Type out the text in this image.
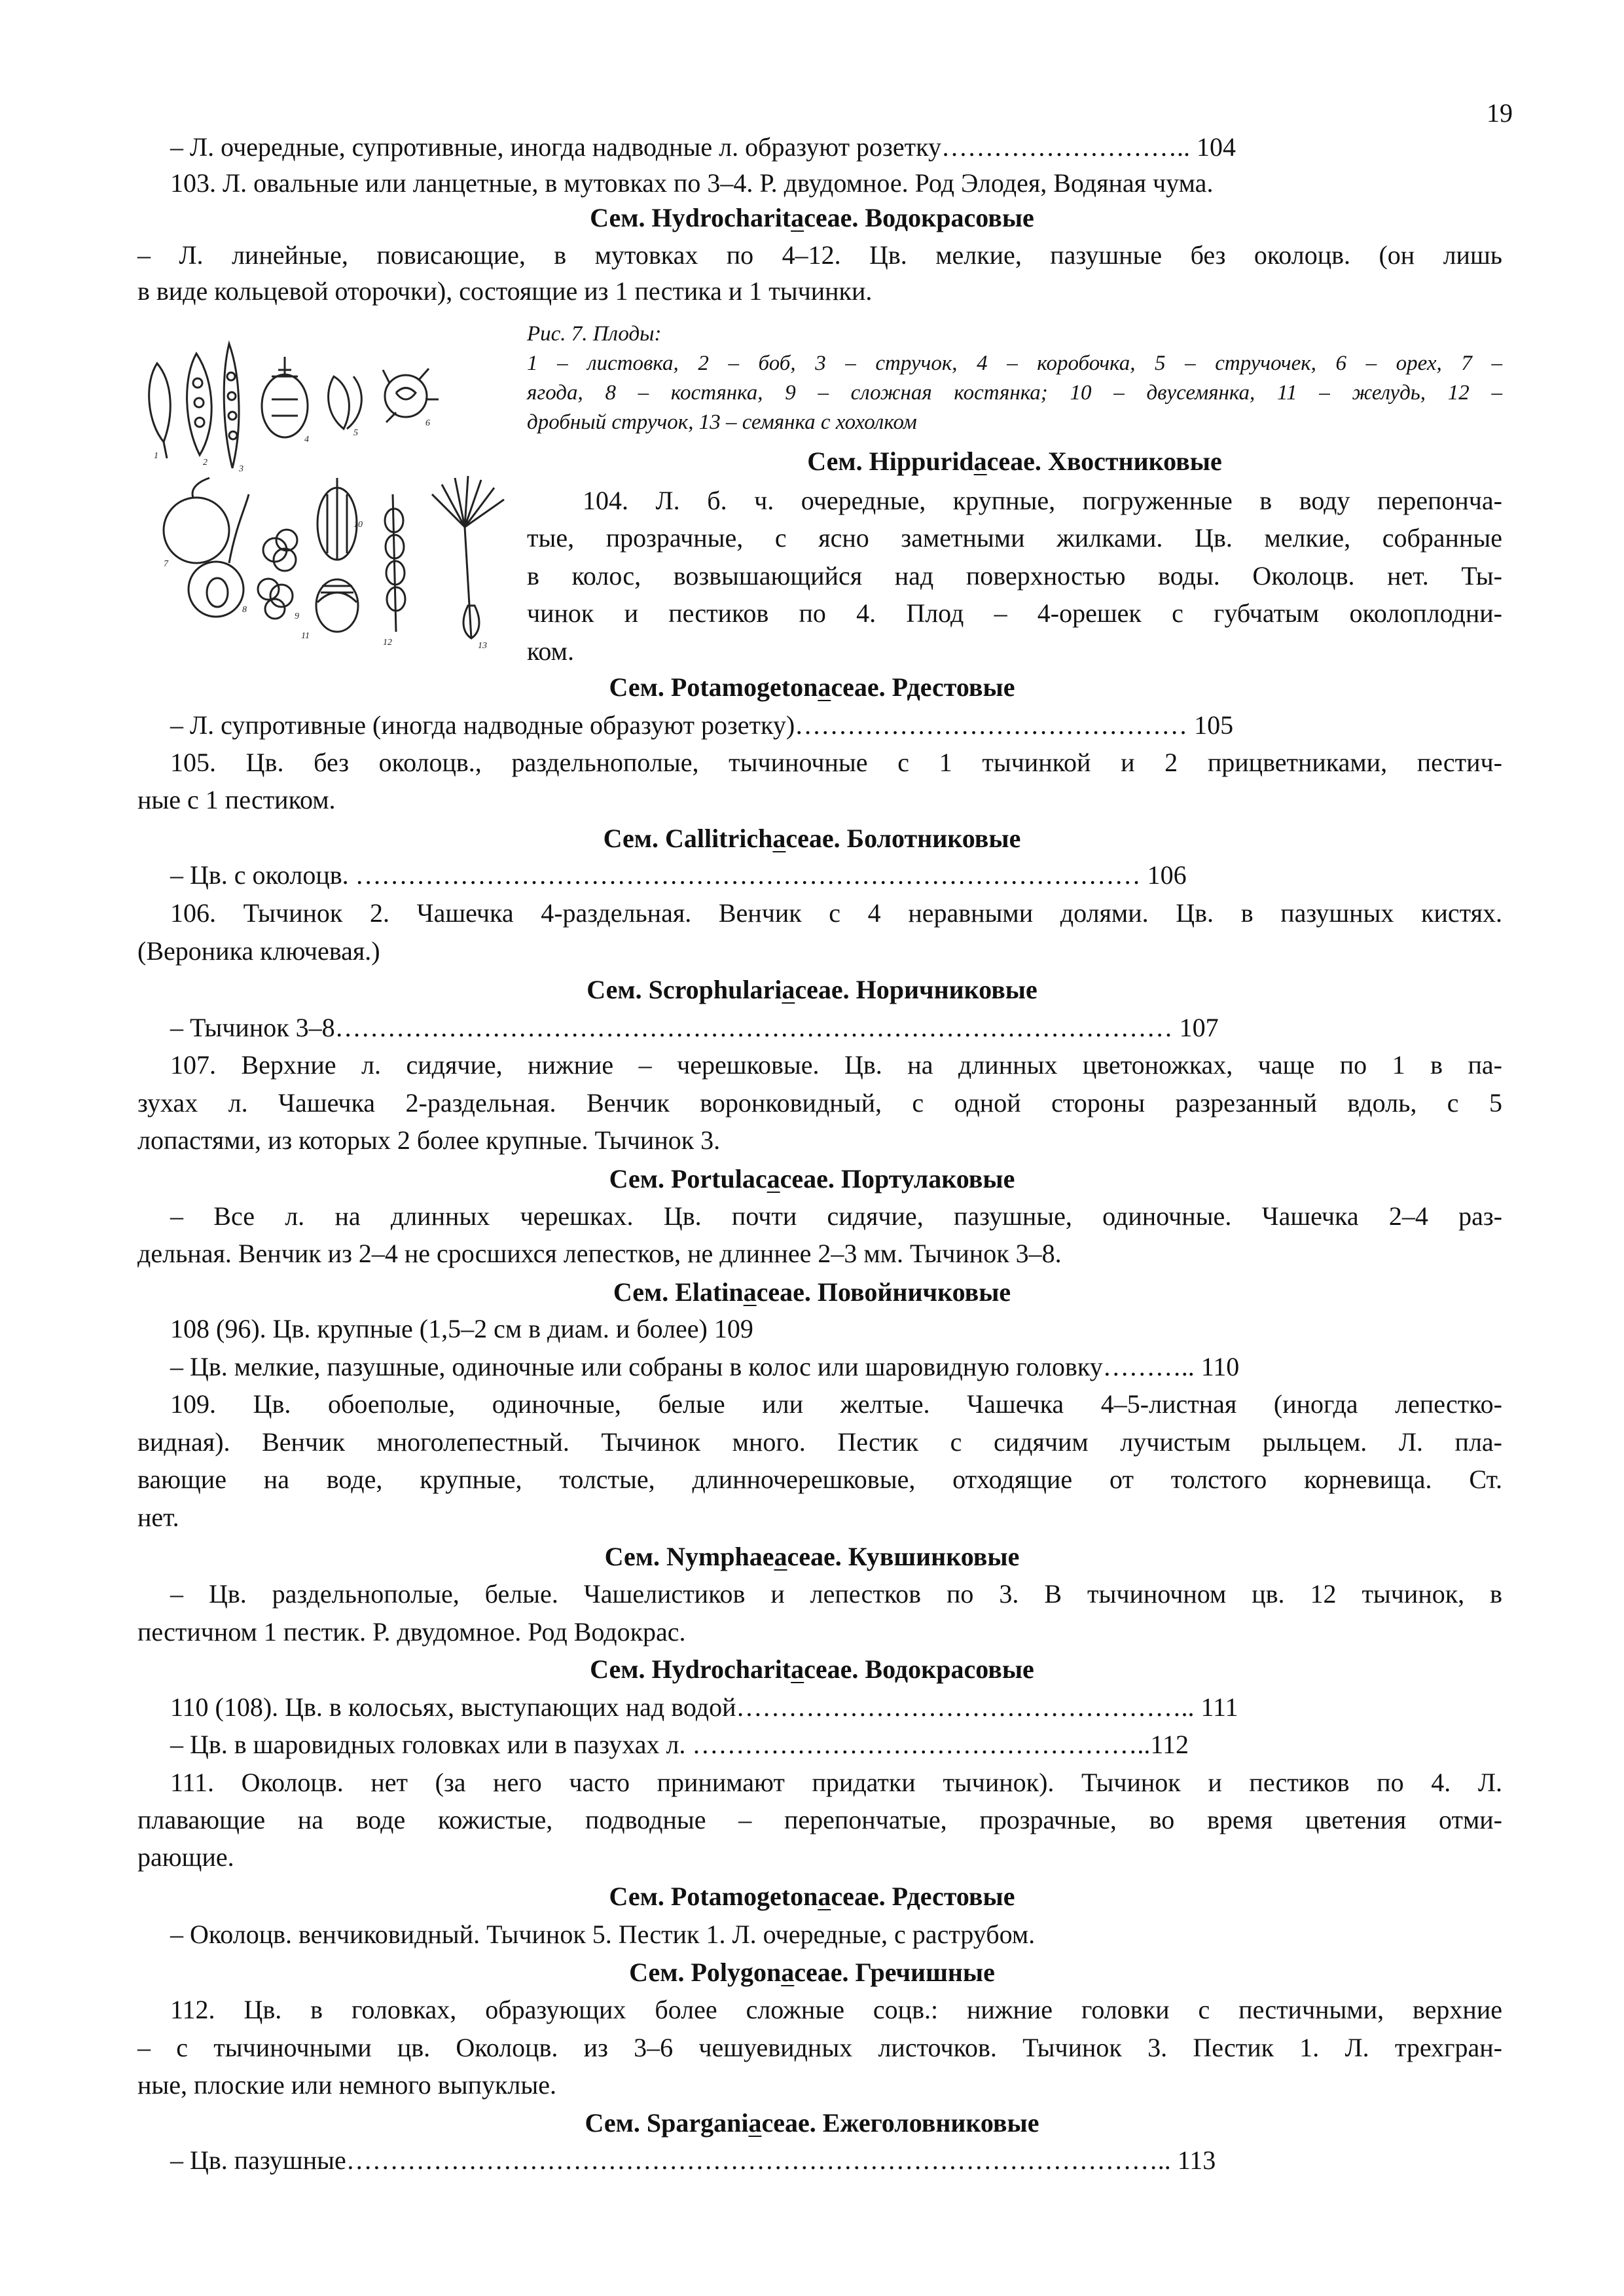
19
– Л. очередные, супротивные, иногда надводные л. образуют розетку……………………….. 104
103. Л. овальные или ланцетные, в мутовках по 3–4. Р. двудомное. Род Элодея, Водяная чума.
Сем. Hydrocharitaceae. Водокрасовые
– Л. линейные, повисающие, в мутовках по 4–12. Цв. мелкие, пазушные без околоцв. (он лишь
в виде кольцевой оторочки), состоящие из 1 пестика и 1 тычинки.
1
2
3
4
5
6
7
8
9
10
11
12	13
Рис. 7. Плоды:
1 – листовка, 2 – боб, 3 – стручок, 4 – коробочка, 5 – стручочек, 6 – орех, 7 –
ягода, 8 – костянка, 9 – сложная костянка; 10 – двусемянка, 11 – желудь, 12 –
дробный стручок, 13 – семянка с хохолком
Сем. Hippuridaceae. Хвостниковые
104. Л. б. ч. очередные, крупные, погруженные в воду перепонча-
тые, прозрачные, с ясно заметными жилками. Цв. мелкие, собранные
в колос, возвышающийся над поверхностью воды. Околоцв. нет. Ты-
чинок и пестиков по 4. Плод – 4-орешек с губчатым околоплодни-
ком.
Сем. Potamogetonaceae. Рдестовые
– Л. супротивные (иногда надводные образуют розетку)……………………………………… 105
105. Цв. без околоцв., раздельнополые, тычиночные с 1 тычинкой и 2 прицветниками, пестич-
ные с 1 пестиком.
Сем. Callitrichaceae. Болотниковые
– Цв. с околоцв. ……………………………………………………………………………… 106
106. Тычинок 2. Чашечка 4-раздельная. Венчик с 4 неравными долями. Цв. в пазушных кистях.
(Вероника ключевая.)
Сем. Scrophulariaceae. Норичниковые
– Тычинок 3–8…………………………………………………………………………………… 107
107. Верхние л. сидячие, нижние – черешковые. Цв. на длинных цветоножках, чаще по 1 в па-
зухах л. Чашечка 2-раздельная. Венчик воронковидный, с одной стороны разрезанный вдоль, с 5
лопастями, из которых 2 более крупные. Тычинок 3.
Сем. Portulacaceae. Портулаковые
– Все л. на длинных черешках. Цв. почти сидячие, пазушные, одиночные. Чашечка 2–4 раз-
дельная. Венчик из 2–4 не сросшихся лепестков, не длиннее 2–3 мм. Тычинок 3–8.
Сем. Elatinaceae. Повойничковые
108 (96). Цв. крупные (1,5–2 см в диам. и более) 109
– Цв. мелкие, пазушные, одиночные или собраны в колос или шаровидную головку……….. 110
109. Цв. обоеполые, одиночные, белые или желтые. Чашечка 4–5-листная (иногда лепестко-
видная). Венчик многолепестный. Тычинок много. Пестик с сидячим лучистым рыльцем. Л. пла-
вающие на воде, крупные, толстые, длинночерешковые, отходящие от толстого корневища. Ст.
нет.
Сем. Nymphaeaceae. Кувшинковые
– Цв. раздельнополые, белые. Чашелистиков и лепестков по 3. В тычиночном цв. 12 тычинок, в
пестичном 1 пестик. Р. двудомное. Род Водокрас.
Сем. Hydrocharitaceae. Водокрасовые
110 (108). Цв. в колосьях, выступающих над водой…………………………………………….. 111
– Цв. в шаровидных головках или в пазухах л. ……………………………………………..112
111. Околоцв. нет (за него часто принимают придатки тычинок). Тычинок и пестиков по 4. Л.
плавающие на воде кожистые, подводные – перепончатые, прозрачные, во время цветения отми-
рающие.
Сем. Potamogetonaceae. Рдестовые
– Околоцв. венчиковидный. Тычинок 5. Пестик 1. Л. очередные, с раструбом.
Сем. Polygonaceae. Гречишные
112. Цв. в головках, образующих более сложные соцв.: нижние головки с пестичными, верхние
– с тычиночными цв. Околоцв. из 3–6 чешуевидных листочков. Тычинок 3. Пестик 1. Л. трехгран-
ные, плоские или немного выпуклые.
Сем. Sparganiaceae. Ежеголовниковые
– Цв. пазушные………………………………………………………………………………….. 113
